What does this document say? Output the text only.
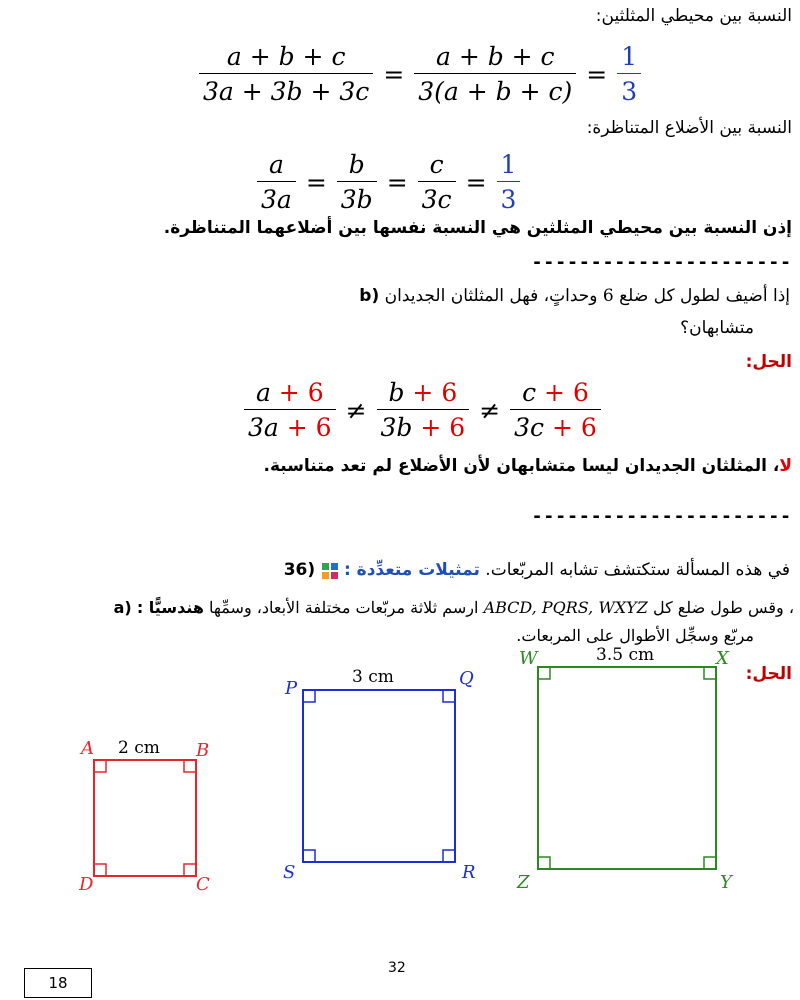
النسبة بين محيطي المثلثين:
$\frac{a + b + c}{3a + 3b + 3c} = \frac{a + b + c}{3(a + b + c)} = \frac{1}{3}$
النسبة بين الأضلاع المتناظرة:
$\frac{a}{3a} = \frac{b}{3b} = \frac{c}{3c} = \frac{1}{3}$
إذن النسبة بين محيطي المثلثين هي النسبة نفسها بين أضلاعهما المتناظرة.
----------------------
إذا أضيف لطول كل ضلع 6 وحداتٍ، فهل المثلثان الجديدان (b
متشابهان؟
الحل:
$\frac{a + 6}{3a + 6} \ne \frac{b + 6}{3b + 6} \ne \frac{c + 6}{3c + 6}$
لا، المثلثان الجديدان ليسا متشابهان لأن الأضلاع لم تعد متناسبة.
----------------------
في هذه المسألة ستكتشف تشابه المربّعات. تمثيلات متعدِّدة :  (36
، وقس طول ضلع كل ABCD, PQRS, WXYZ ارسم ثلاثة مربّعات مختلفة الأبعاد، وسمِّها هندسيًّا : (a
مربّع وسجِّل الأطوال على المربعات.
الحل:
A	B
C
D
2 cm
P	Q
R
S
3 cm
W	X
Y
Z
3.5 cm
32
18
